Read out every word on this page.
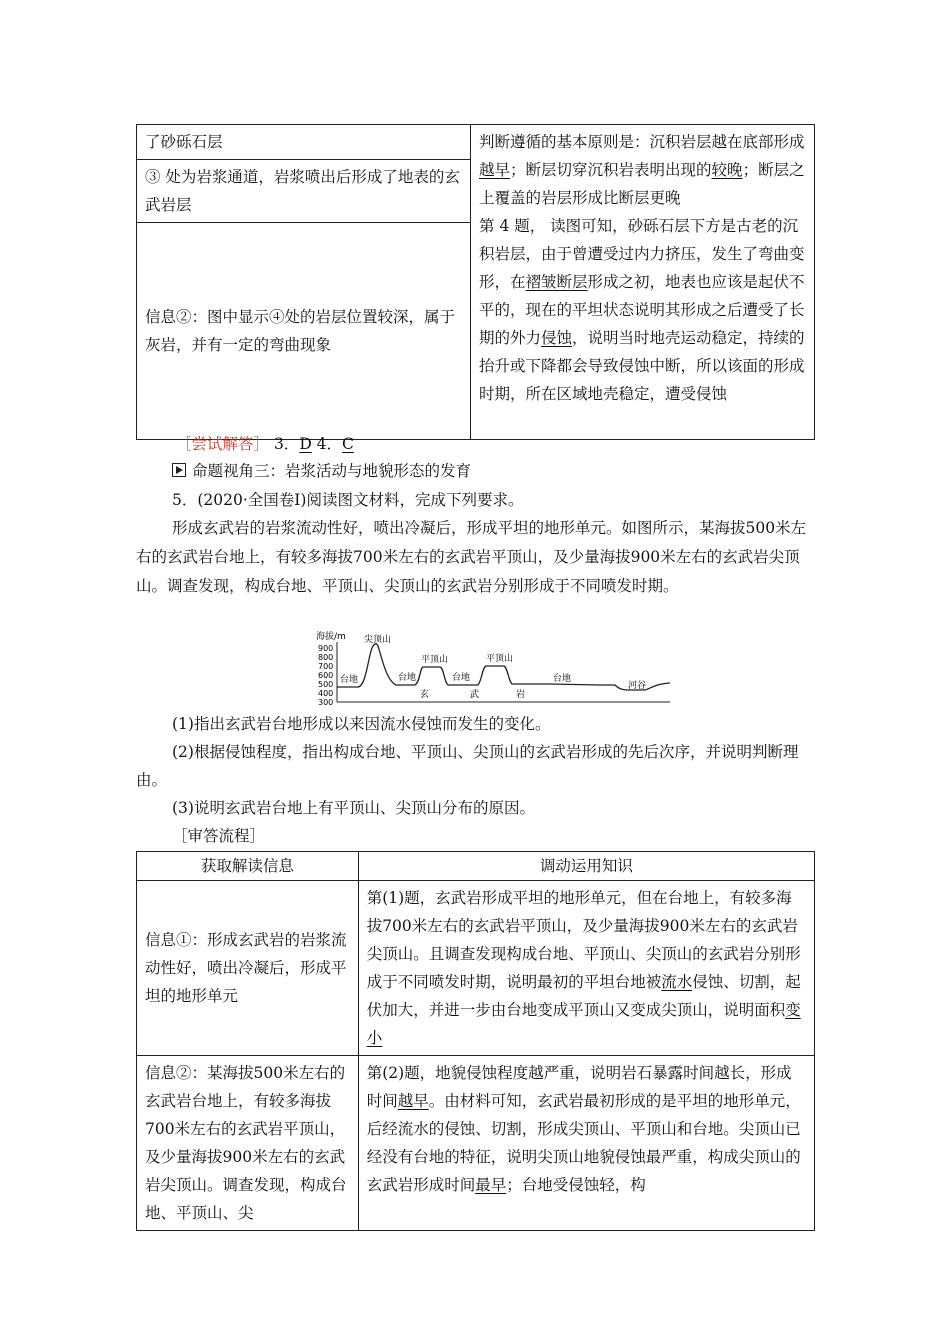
了砂砾石层	判断遵循的基本原则是：沉积岩层越在底部形成越早；断层切穿沉积岩表明出现的较晚；断层之上覆盖的岩层形成比断层更晚
第 4 题， 读图可知，砂砾石层下方是古老的沉积岩层，由于曾遭受过内力挤压，发生了弯曲变形，在褶皱断层形成之初，地表也应该是起伏不平的，现在的平坦状态说明其形成之后遭受了长期的外力侵蚀，说明当时地壳运动稳定，持续的抬升或下降都会导致侵蚀中断，所以该面的形成时期，所在区域地壳稳定，遭受侵蚀
③ 处为岩浆通道，岩浆喷出后形成了地表的玄武岩层
信息②：图中显示④处的岩层位置较深，属于灰岩，并有一定的弯曲现象
［尝试解答］ 3．D 4．C
命题视角三：岩浆活动与地貌形态的发育
5．(2020·全国卷Ⅰ)阅读图文材料，完成下列要求。
形成玄武岩的岩浆流动性好，喷出冷凝后，形成平坦的地形单元。如图所示，某海拔500米左右的玄武岩台地上，有较多海拔700米左右的玄武岩平顶山，及少量海拔900米左右的玄武岩尖顶山。调查发现，构成台地、平顶山、尖顶山的玄武岩分别形成于不同喷发时期。
海拔/m
900
800
700
600
500
400
300
尖顶山
平顶山	平顶山
台地	台地	台地	台地
河谷
玄	武	岩
(1)指出玄武岩台地形成以来因流水侵蚀而发生的变化。
(2)根据侵蚀程度，指出构成台地、平顶山、尖顶山的玄武岩形成的先后次序，并说明判断理由。
(3)说明玄武岩台地上有平顶山、尖顶山分布的原因。
［审答流程］
获取解读信息	调动运用知识
信息①：形成玄武岩的岩浆流动性好，喷出冷凝后，形成平坦的地形单元	第(1)题，玄武岩形成平坦的地形单元，但在台地上，有较多海拔700米左右的玄武岩平顶山，及少量海拔900米左右的玄武岩尖顶山。且调查发现构成台地、平顶山、尖顶山的玄武岩分别形成于不同喷发时期，说明最初的平坦台地被流水侵蚀、切割，起伏加大，并进一步由台地变成平顶山又变成尖顶山，说明面积变小
信息②：某海拔500米左右的玄武岩台地上，有较多海拔700米左右的玄武岩平顶山，及少量海拔900米左右的玄武岩尖顶山。调查发现，构成台地、平顶山、尖	第(2)题，地貌侵蚀程度越严重，说明岩石暴露时间越长，形成时间越早。由材料可知，玄武岩最初形成的是平坦的地形单元，后经流水的侵蚀、切割，形成尖顶山、平顶山和台地。尖顶山已经没有台地的特征，说明尖顶山地貌侵蚀最严重，构成尖顶山的玄武岩形成时间最早；台地受侵蚀轻，构
